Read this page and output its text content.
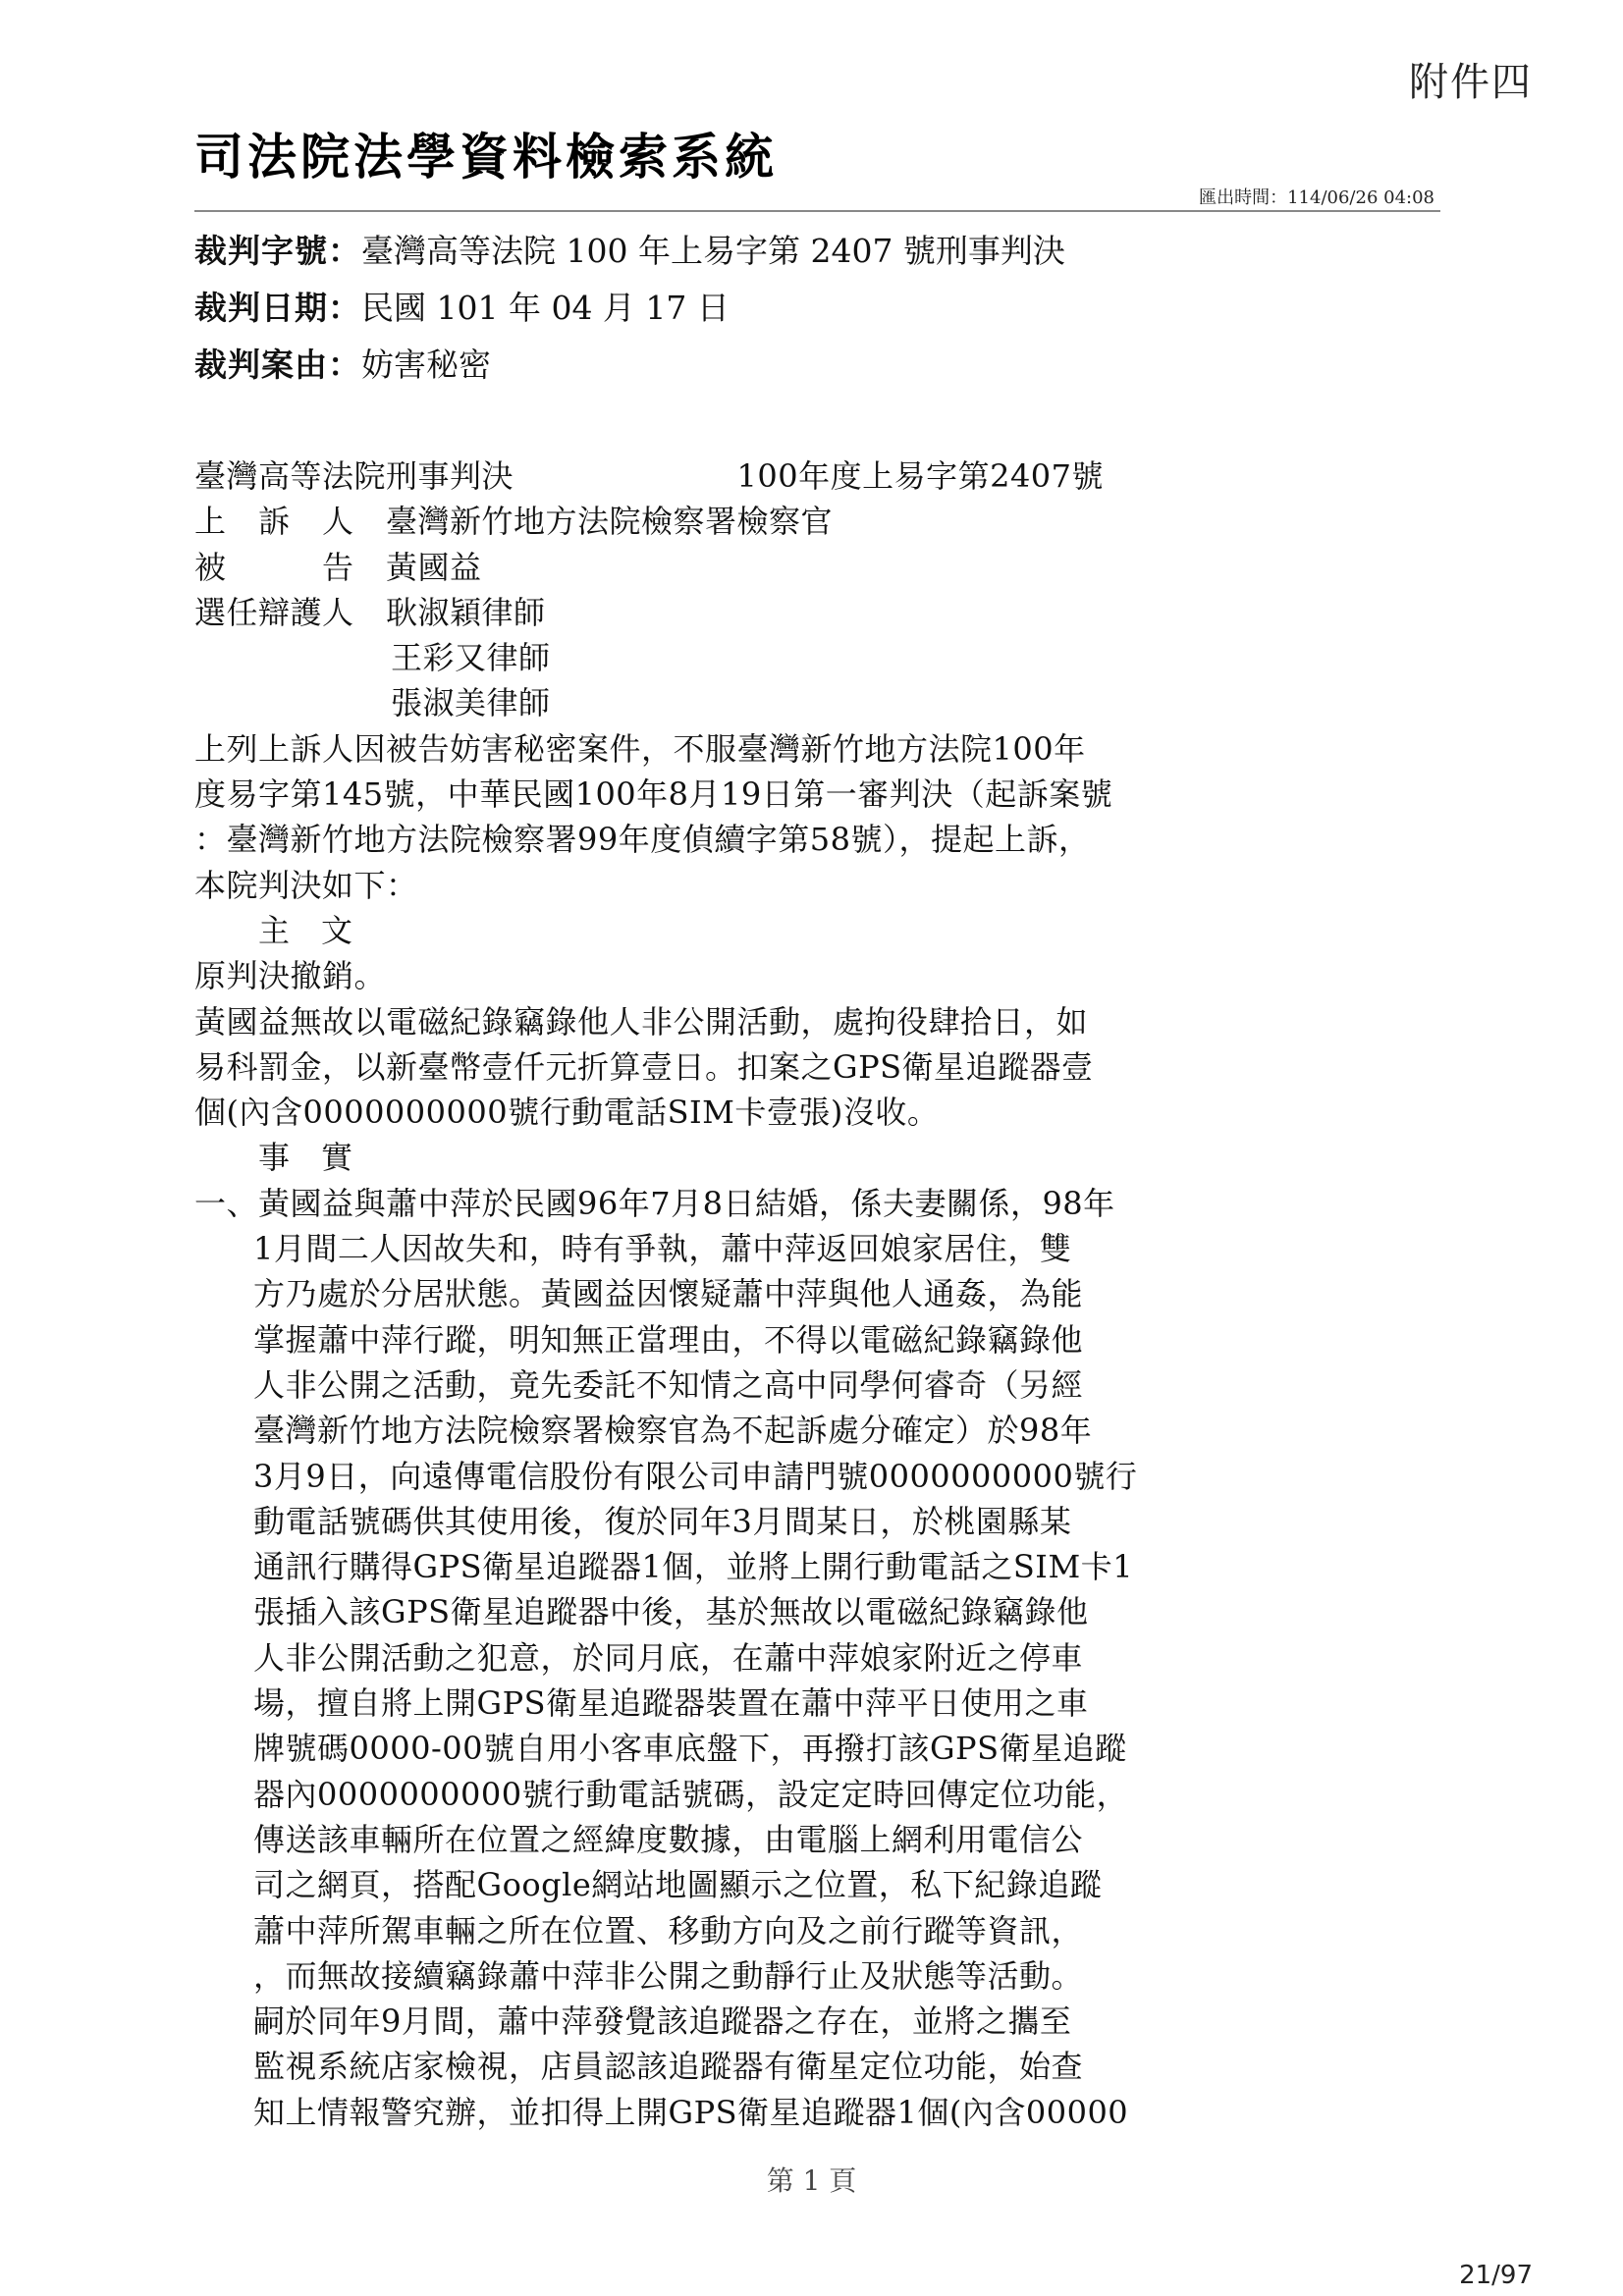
附件四
司法院法學資料檢索系統
匯出時間：114/06/26 04:08
裁判字號：臺灣高等法院 100 年上易字第 2407 號刑事判決
裁判日期：民國 101 年 04 月 17 日
裁判案由：妨害秘密
臺灣高等法院刑事判決　　　　　　　100年度上易字第2407號
上　訴　人　臺灣新竹地方法院檢察署檢察官
被　　　告　黃國益
選任辯護人　耿淑穎律師
王彩又律師
張淑美律師
上列上訴人因被告妨害秘密案件，不服臺灣新竹地方法院100年
度易字第145號，中華民國100年8月19日第一審判決（起訴案號
：臺灣新竹地方法院檢察署99年度偵續字第58號），提起上訴，
本院判決如下：
主　文
原判決撤銷。
黃國益無故以電磁紀錄竊錄他人非公開活動，處拘役肆拾日，如
易科罰金，以新臺幣壹仟元折算壹日。扣案之GPS衛星追蹤器壹
個(內含0000000000號行動電話SIM卡壹張)沒收。
事　實
一、黃國益與蕭中萍於民國96年7月8日結婚，係夫妻關係，98年
1月間二人因故失和，時有爭執，蕭中萍返回娘家居住，雙
方乃處於分居狀態。黃國益因懷疑蕭中萍與他人通姦，為能
掌握蕭中萍行蹤，明知無正當理由，不得以電磁紀錄竊錄他
人非公開之活動，竟先委託不知情之高中同學何睿奇（另經
臺灣新竹地方法院檢察署檢察官為不起訴處分確定）於98年
3月9日，向遠傳電信股份有限公司申請門號0000000000號行
動電話號碼供其使用後，復於同年3月間某日，於桃園縣某
通訊行購得GPS衛星追蹤器1個，並將上開行動電話之SIM卡1
張插入該GPS衛星追蹤器中後，基於無故以電磁紀錄竊錄他
人非公開活動之犯意，於同月底，在蕭中萍娘家附近之停車
場，擅自將上開GPS衛星追蹤器裝置在蕭中萍平日使用之車
牌號碼0000-00號自用小客車底盤下，再撥打該GPS衛星追蹤
器內0000000000號行動電話號碼，設定定時回傳定位功能，
傳送該車輛所在位置之經緯度數據，由電腦上網利用電信公
司之網頁，搭配Google網站地圖顯示之位置，私下紀錄追蹤
蕭中萍所駕車輛之所在位置、移動方向及之前行蹤等資訊，
，而無故接續竊錄蕭中萍非公開之動靜行止及狀態等活動。
嗣於同年9月間，蕭中萍發覺該追蹤器之存在，並將之攜至
監視系統店家檢視，店員認該追蹤器有衛星定位功能，始查
知上情報警究辦，並扣得上開GPS衛星追蹤器1個(內含00000
第 1 頁
21/97
